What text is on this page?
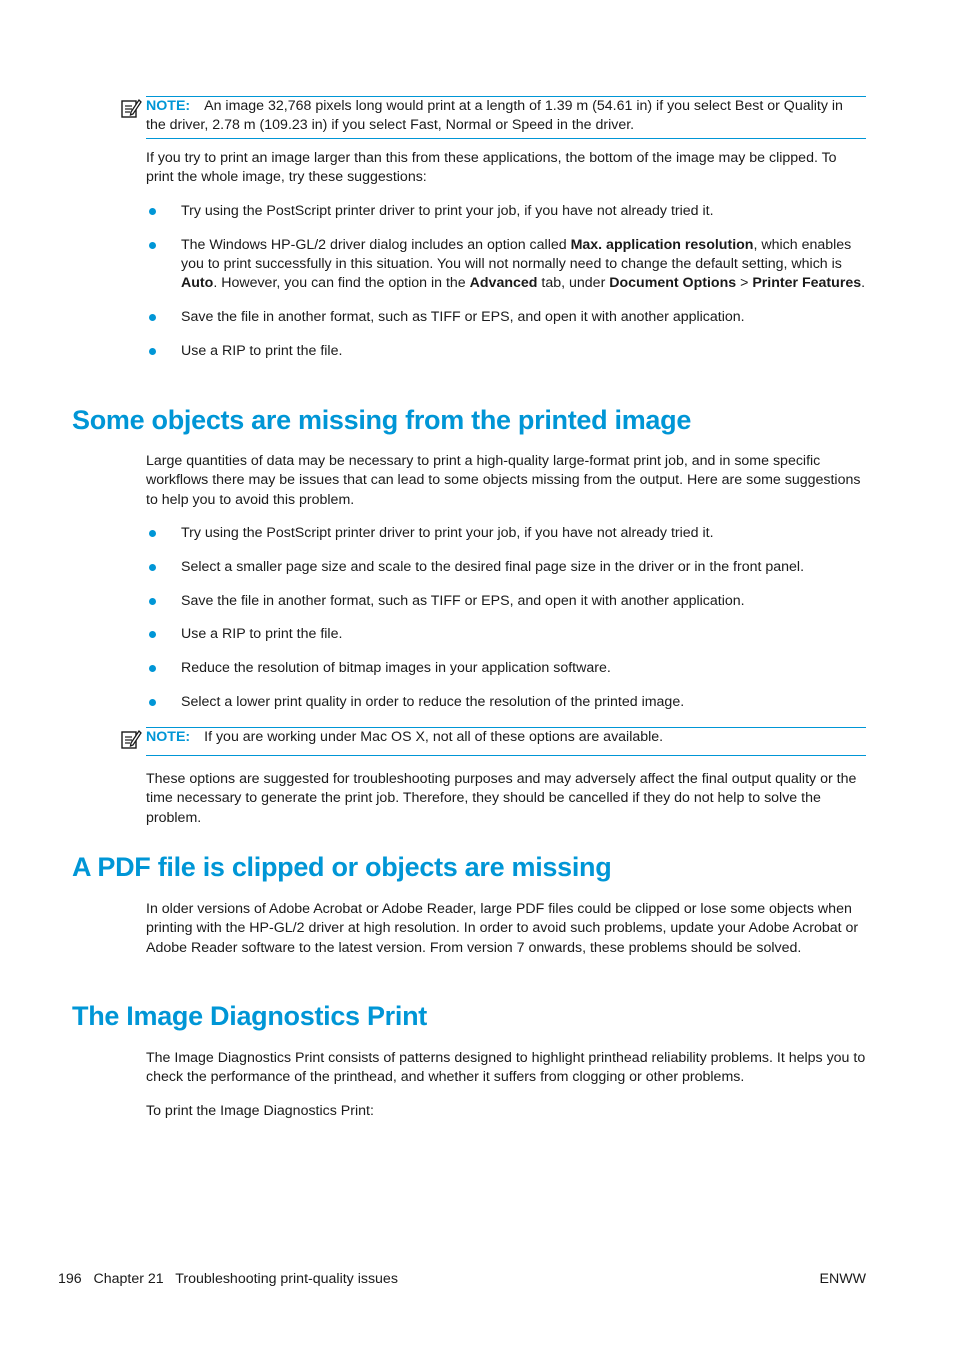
NOTE: An image 32,768 pixels long would print at a length of 1.39 m (54.61 in) if you select Best or Quality in the driver, 2.78 m (109.23 in) if you select Fast, Normal or Speed in the driver.
If you try to print an image larger than this from these applications, the bottom of the image may be clipped. To print the whole image, try these suggestions:
Try using the PostScript printer driver to print your job, if you have not already tried it.
The Windows HP-GL/2 driver dialog includes an option called Max. application resolution, which enables you to print successfully in this situation. You will not normally need to change the default setting, which is Auto. However, you can find the option in the Advanced tab, under Document Options > Printer Features.
Save the file in another format, such as TIFF or EPS, and open it with another application.
Use a RIP to print the file.
Some objects are missing from the printed image
Large quantities of data may be necessary to print a high-quality large-format print job, and in some specific workflows there may be issues that can lead to some objects missing from the output. Here are some suggestions to help you to avoid this problem.
Try using the PostScript printer driver to print your job, if you have not already tried it.
Select a smaller page size and scale to the desired final page size in the driver or in the front panel.
Save the file in another format, such as TIFF or EPS, and open it with another application.
Use a RIP to print the file.
Reduce the resolution of bitmap images in your application software.
Select a lower print quality in order to reduce the resolution of the printed image.
NOTE: If you are working under Mac OS X, not all of these options are available.
These options are suggested for troubleshooting purposes and may adversely affect the final output quality or the time necessary to generate the print job. Therefore, they should be cancelled if they do not help to solve the problem.
A PDF file is clipped or objects are missing
In older versions of Adobe Acrobat or Adobe Reader, large PDF files could be clipped or lose some objects when printing with the HP-GL/2 driver at high resolution. In order to avoid such problems, update your Adobe Acrobat or Adobe Reader software to the latest version. From version 7 onwards, these problems should be solved.
The Image Diagnostics Print
The Image Diagnostics Print consists of patterns designed to highlight printhead reliability problems. It helps you to check the performance of the printhead, and whether it suffers from clogging or other problems.
To print the Image Diagnostics Print:
196   Chapter 21   Troubleshooting print-quality issues	ENWW
